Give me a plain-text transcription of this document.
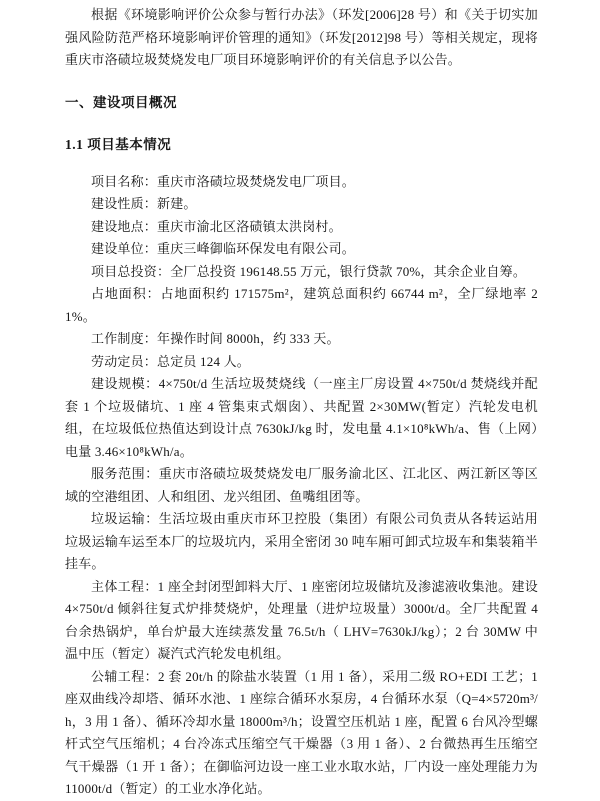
根据《环境影响评价公众参与暂行办法》（环发[2006]28 号）和《关于切实加强风险防范严格环境影响评价管理的通知》（环发[2012]98 号）等相关规定，现将重庆市洛碛垃圾焚烧发电厂项目环境影响评价的有关信息予以公告。

一、建设项目概况

1.1 项目基本情况

项目名称：重庆市洛碛垃圾焚烧发电厂项目。

建设性质：新建。

建设地点：重庆市渝北区洛碛镇太洪岗村。

建设单位：重庆三峰御临环保发电有限公司。

项目总投资：全厂总投资 196148.55 万元，银行贷款 70%，其余企业自筹。

占地面积：占地面积约 171575m²，建筑总面积约 66744 m²，全厂绿地率 21%。

工作制度：年操作时间 8000h，约 333 天。

劳动定员：总定员 124 人。

建设规模：4×750t/d 生活垃圾焚烧线（一座主厂房设置 4×750t/d 焚烧线并配套 1 个垃圾储坑、1 座 4 管集束式烟囱）、共配置 2×30MW(暂定）汽轮发电机组，在垃圾低位热值达到设计点 7630kJ/kg 时，发电量 4.1×10⁸kWh/a、售（上网）电量 3.46×10⁸kWh/a。

服务范围：重庆市洛碛垃圾焚烧发电厂服务渝北区、江北区、两江新区等区域的空港组团、人和组团、龙兴组团、鱼嘴组团等。

垃圾运输：生活垃圾由重庆市环卫控股（集团）有限公司负责从各转运站用垃圾运输车运至本厂的垃圾坑内，采用全密闭 30 吨车厢可卸式垃圾车和集装箱半挂车。

主体工程：1 座全封闭型卸料大厅、1 座密闭垃圾储坑及渗滤液收集池。建设 4×750t/d 倾斜往复式炉排焚烧炉，处理量（进炉垃圾量）3000t/d。全厂共配置 4 台余热锅炉，单台炉最大连续蒸发量 76.5t/h（ LHV=7630kJ/kg）；2 台 30MW 中温中压（暂定）凝汽式汽轮发电机组。

公辅工程：2 套 20t/h 的除盐水装置（1 用 1 备），采用二级 RO+EDI 工艺；1 座双曲线冷却塔、循环水池、1 座综合循环水泵房，4 台循环水泵（Q=4×5720m³/h，3 用 1 备）、循环冷却水量 18000m³/h；设置空压机站 1 座，配置 6 台风冷型螺杆式空气压缩机；4 台冷冻式压缩空气干燥器（3 用 1 备）、2 台微热再生压缩空气干燥器（1 开 1 备）；在御临河边设一座工业水取水站，厂内设一座处理能力为 11000t/d（暂定）的工业水净化站。
